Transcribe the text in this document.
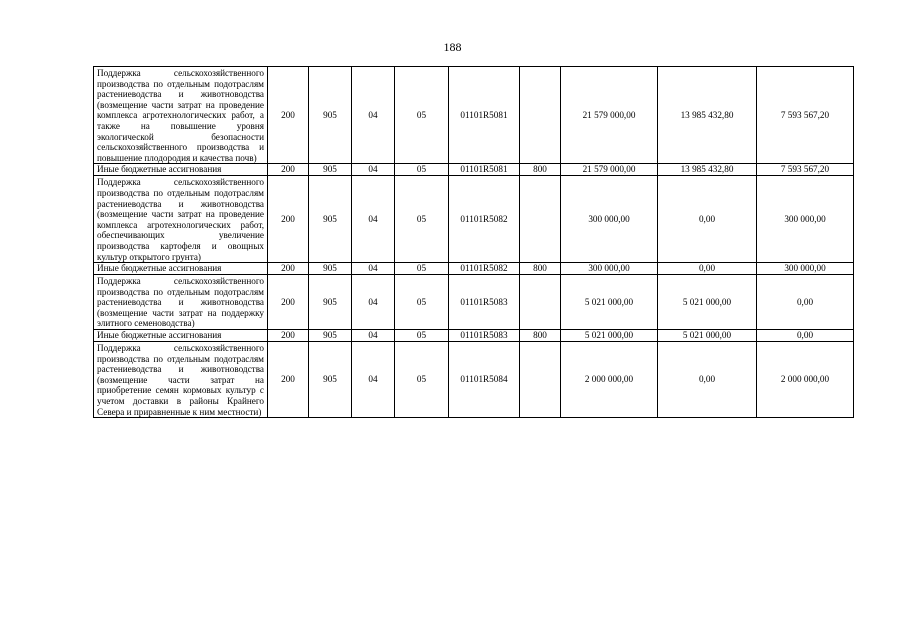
188
Поддержка сельскохозяйственного производства по отдельным подотраслям растениеводства и животноводства (возмещение части затрат на проведение комплекса агротехнологических работ, а также на повышение уровня экологической безопасности сельскохозяйственного производства и повышение плодородия и качества почв)	200	905	04	05	01101R5081		21 579 000,00	13 985 432,80	7 593 567,20
Иные бюджетные ассигнования	200	905	04	05	01101R5081	800	21 579 000,00	13 985 432,80	7 593 567,20
Поддержка сельскохозяйственного производства по отдельным подотраслям растениеводства и животноводства (возмещение части затрат на проведение комплекса агротехнологических работ, обеспечивающих увеличение производства картофеля и овощных культур открытого грунта)	200	905	04	05	01101R5082		300 000,00	0,00	300 000,00
Иные бюджетные ассигнования	200	905	04	05	01101R5082	800	300 000,00	0,00	300 000,00
Поддержка сельскохозяйственного производства по отдельным подотраслям растениеводства и животноводства (возмещение части затрат на поддержку элитного семеноводства)	200	905	04	05	01101R5083		5 021 000,00	5 021 000,00	0,00
Иные бюджетные ассигнования	200	905	04	05	01101R5083	800	5 021 000,00	5 021 000,00	0,00
Поддержка сельскохозяйственного производства по отдельным подотраслям растениеводства и животноводства (возмещение части затрат на приобретение семян кормовых культур с учетом доставки в районы Крайнего Севера и приравненные к ним местности)	200	905	04	05	01101R5084		2 000 000,00	0,00	2 000 000,00
